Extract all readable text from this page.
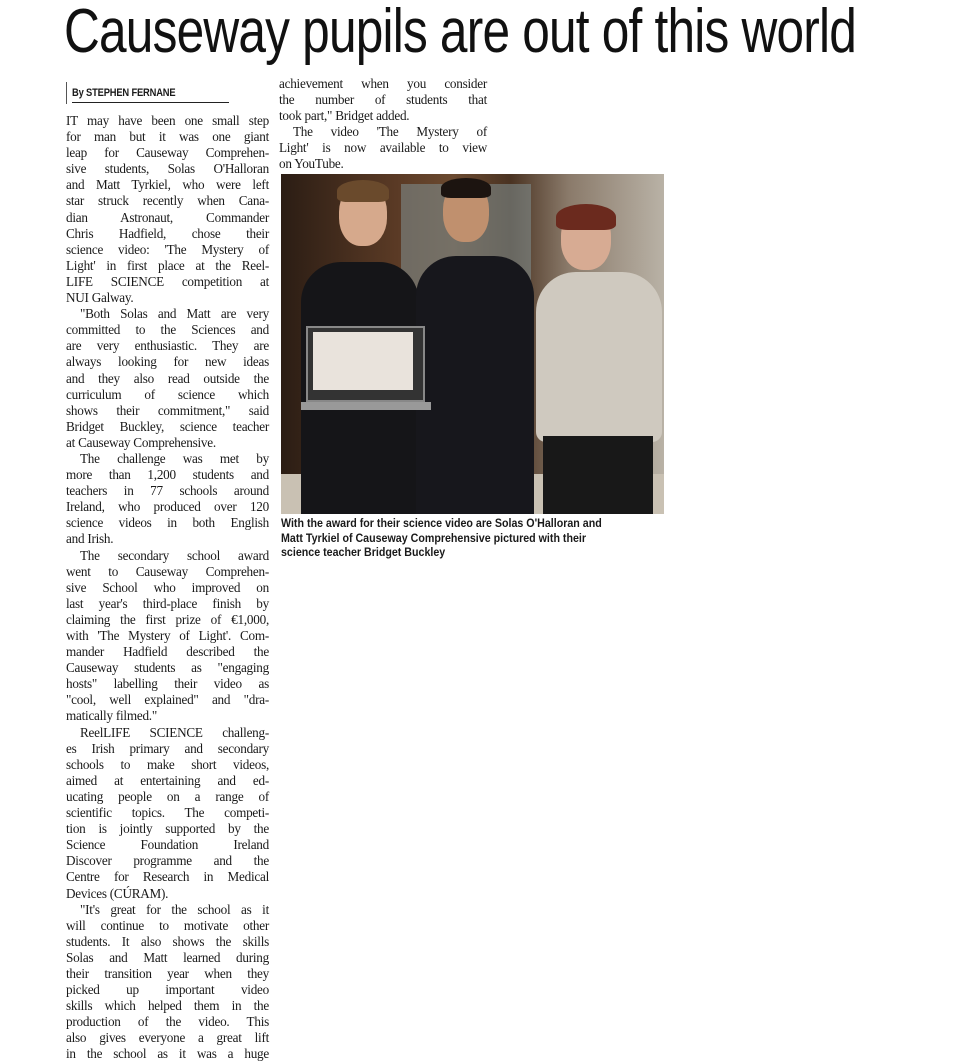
Causeway pupils are out of this world
By STEPHEN FERNANE
IT may have been one small step
for man but it was one giant
leap for Causeway Comprehen-
sive students, Solas O'Halloran
and Matt Tyrkiel, who were left
star struck recently when Cana-
dian Astronaut, Commander
Chris Hadfield, chose their
science video: 'The Mystery of
Light' in first place at the Reel-
LIFE SCIENCE competition at
NUI Galway.
"Both Solas and Matt are very
committed to the Sciences and
are very enthusiastic. They are
always looking for new ideas
and they also read outside the
curriculum of science which
shows their commitment," said
Bridget Buckley, science teacher
at Causeway Comprehensive.
The challenge was met by
more than 1,200 students and
teachers in 77 schools around
Ireland, who produced over 120
science videos in both English
and Irish.
The secondary school award
went to Causeway Comprehen-
sive School who improved on
last year's third-place finish by
claiming the first prize of €1,000,
with 'The Mystery of Light'. Com-
mander Hadfield described the
Causeway students as "engaging
hosts" labelling their video as
"cool, well explained" and "dra-
matically filmed."
ReelLIFE SCIENCE challeng-
es Irish primary and secondary
schools to make short videos,
aimed at entertaining and ed-
ucating people on a range of
scientific topics. The competi-
tion is jointly supported by the
Science Foundation Ireland
Discover programme and the
Centre for Research in Medical
Devices (CÚRAM).
"It's great for the school as it
will continue to motivate other
students. It also shows the skills
Solas and Matt learned during
their transition year when they
picked up important video
skills which helped them in the
production of the video. This
also gives everyone a great lift
in the school as it was a huge
achievement when you consider
the number of students that
took part," Bridget added.
The video 'The Mystery of
Light' is now available to view
on YouTube.
With the award for their science video are Solas O'Halloran and
Matt Tyrkiel of Causeway Comprehensive pictured with their
science teacher Bridget Buckley
